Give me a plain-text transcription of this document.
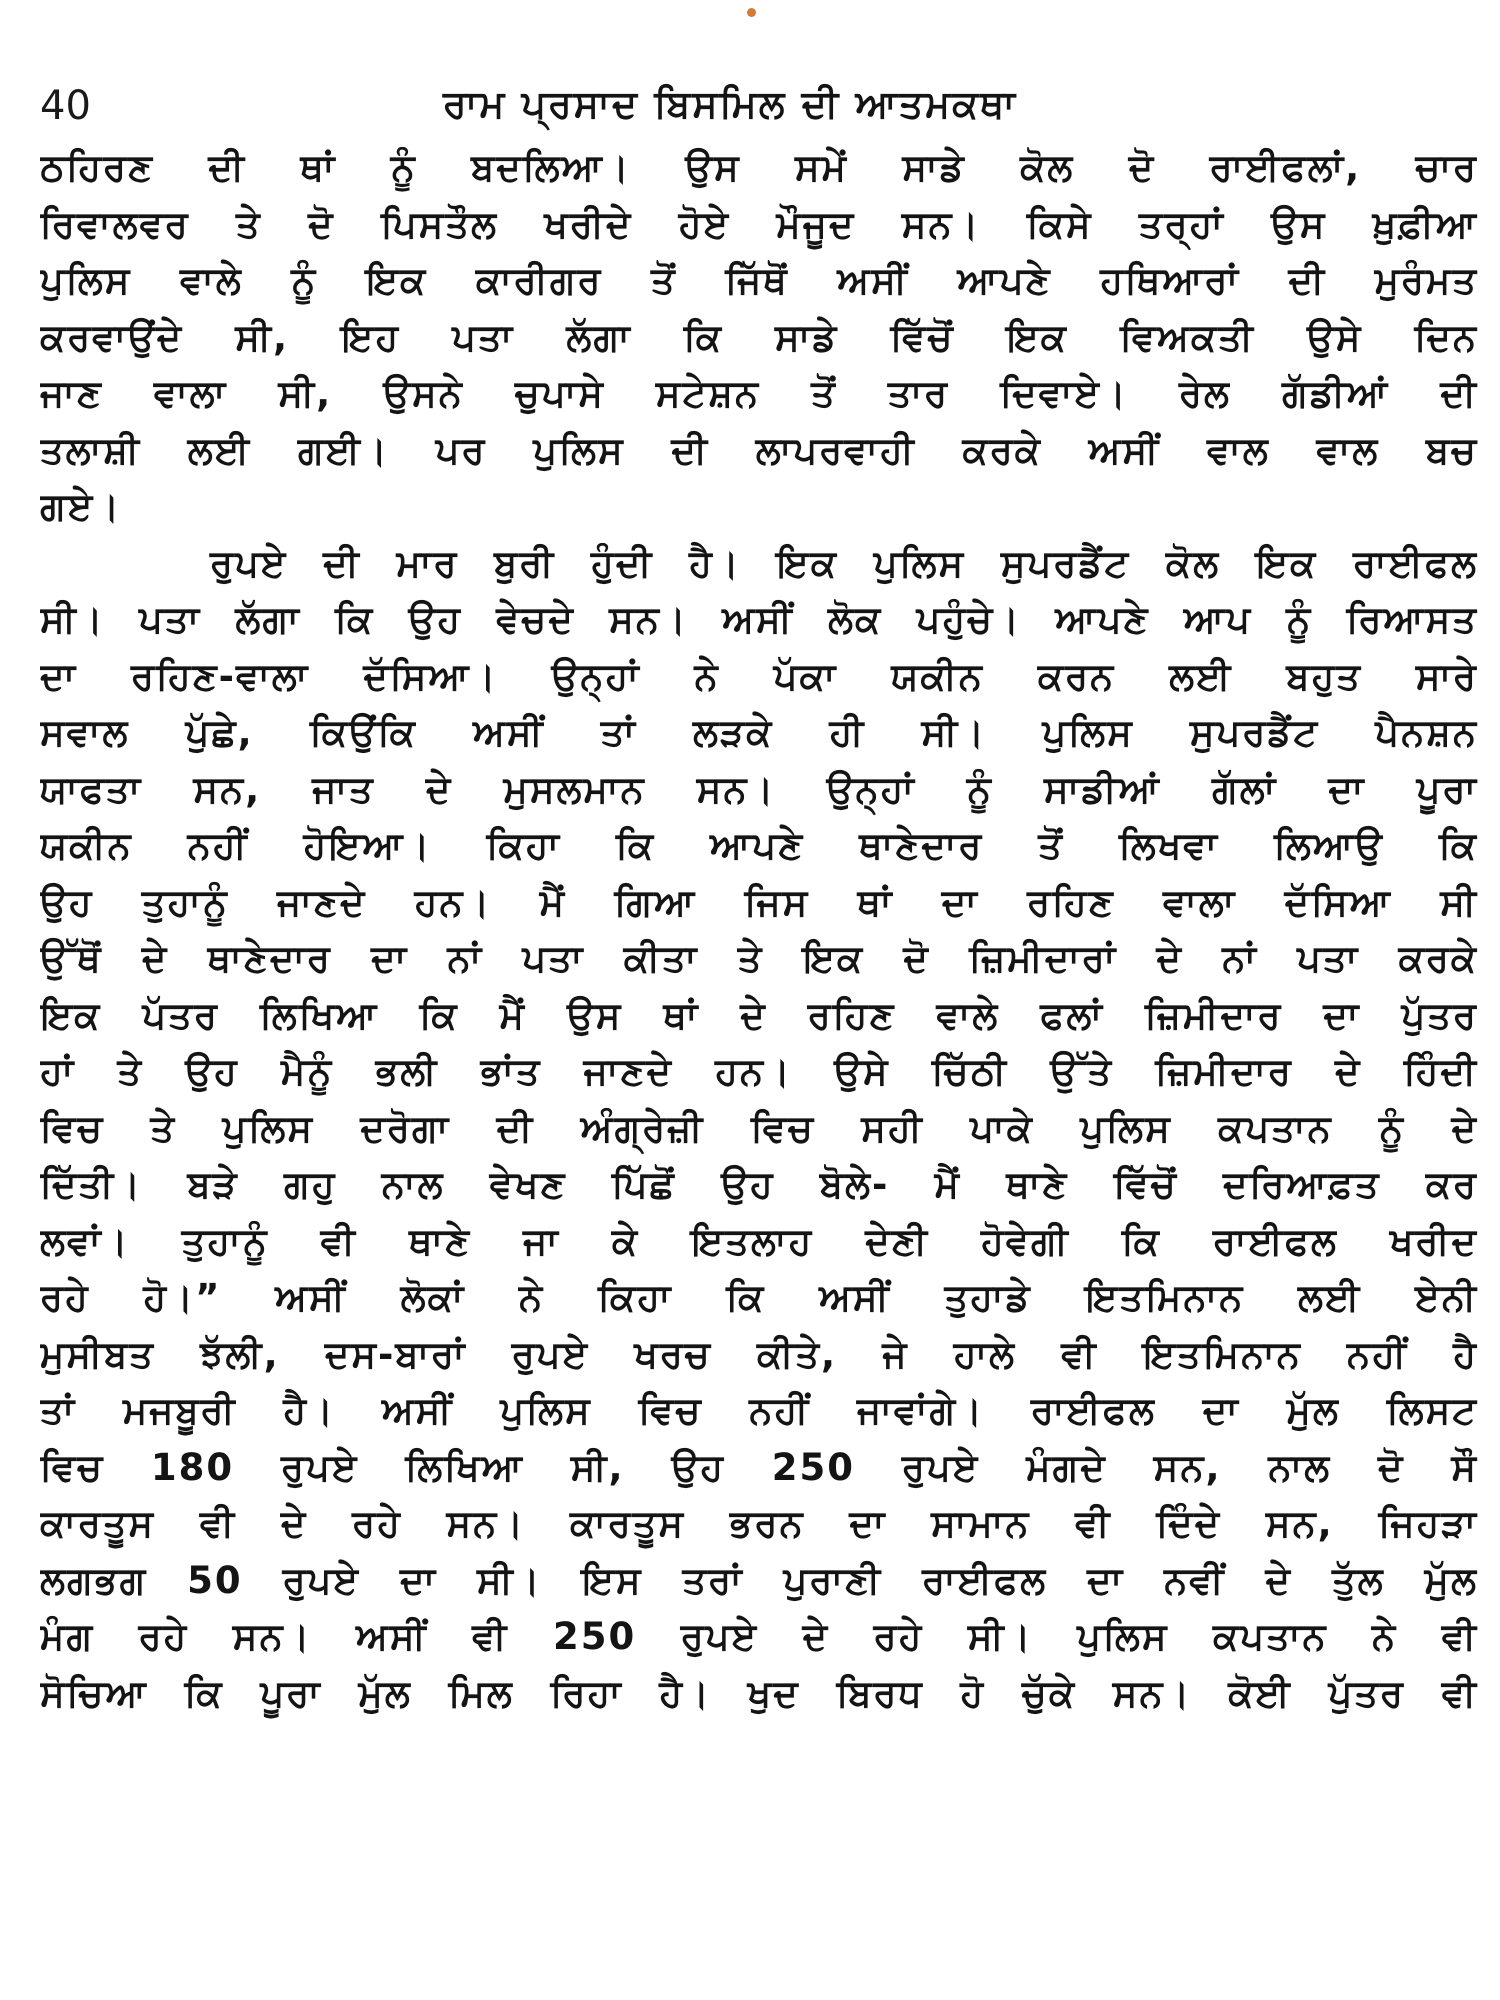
40	ਰਾਮ ਪ੍ਰਸਾਦ ਬਿਸਮਿਲ ਦੀ ਆਤਮਕਥਾ
ਠਹਿਰਣ ਦੀ ਥਾਂ ਨੂੰ ਬਦਲਿਆ। ਉਸ ਸਮੇਂ ਸਾਡੇ ਕੋਲ ਦੋ ਰਾਈਫਲਾਂ, ਚਾਰ
ਰਿਵਾਲਵਰ ਤੇ ਦੋ ਪਿਸਤੌਲ ਖਰੀਦੇ ਹੋਏ ਮੌਜੂਦ ਸਨ। ਕਿਸੇ ਤਰ੍ਹਾਂ ਉਸ ਖ਼ੁਫ਼ੀਆ
ਪੁਲਿਸ ਵਾਲੇ ਨੂੰ ਇਕ ਕਾਰੀਗਰ ਤੋਂ ਜਿੱਥੋਂ ਅਸੀਂ ਆਪਣੇ ਹਥਿਆਰਾਂ ਦੀ ਮੁਰੰਮਤ
ਕਰਵਾਉਂਦੇ ਸੀ, ਇਹ ਪਤਾ ਲੱਗਾ ਕਿ ਸਾਡੇ ਵਿੱਚੋਂ ਇਕ ਵਿਅਕਤੀ ਉਸੇ ਦਿਨ
ਜਾਣ ਵਾਲਾ ਸੀ, ਉਸਨੇ ਚੁਪਾਸੇ ਸਟੇਸ਼ਨ ਤੋਂ ਤਾਰ ਦਿਵਾਏ। ਰੇਲ ਗੱਡੀਆਂ ਦੀ
ਤਲਾਸ਼ੀ ਲਈ ਗਈ। ਪਰ ਪੁਲਿਸ ਦੀ ਲਾਪਰਵਾਹੀ ਕਰਕੇ ਅਸੀਂ ਵਾਲ ਵਾਲ ਬਚ
ਗਏ।
ਰੁਪਏ ਦੀ ਮਾਰ ਬੁਰੀ ਹੁੰਦੀ ਹੈ। ਇਕ ਪੁਲਿਸ ਸੁਪਰਡੈਂਟ ਕੋਲ ਇਕ ਰਾਈਫਲ
ਸੀ। ਪਤਾ ਲੱਗਾ ਕਿ ਉਹ ਵੇਚਦੇ ਸਨ। ਅਸੀਂ ਲੋਕ ਪਹੁੰਚੇ। ਆਪਣੇ ਆਪ ਨੂੰ ਰਿਆਸਤ
ਦਾ ਰਹਿਣ-ਵਾਲਾ ਦੱਸਿਆ। ਉਨ੍ਹਾਂ ਨੇ ਪੱਕਾ ਯਕੀਨ ਕਰਨ ਲਈ ਬਹੁਤ ਸਾਰੇ
ਸਵਾਲ ਪੁੱਛੇ, ਕਿਉਂਕਿ ਅਸੀਂ ਤਾਂ ਲੜਕੇ ਹੀ ਸੀ। ਪੁਲਿਸ ਸੁਪਰਡੈਂਟ ਪੈਨਸ਼ਨ
ਯਾਫਤਾ ਸਨ, ਜਾਤ ਦੇ ਮੁਸਲਮਾਨ ਸਨ। ਉਨ੍ਹਾਂ ਨੂੰ ਸਾਡੀਆਂ ਗੱਲਾਂ ਦਾ ਪੂਰਾ
ਯਕੀਨ ਨਹੀਂ ਹੋਇਆ। ਕਿਹਾ ਕਿ ਆਪਣੇ ਥਾਣੇਦਾਰ ਤੋਂ ਲਿਖਵਾ ਲਿਆਉ ਕਿ
ਉਹ ਤੁਹਾਨੂੰ ਜਾਣਦੇ ਹਨ। ਮੈਂ ਗਿਆ ਜਿਸ ਥਾਂ ਦਾ ਰਹਿਣ ਵਾਲਾ ਦੱਸਿਆ ਸੀ
ਉੱਥੋਂ ਦੇ ਥਾਣੇਦਾਰ ਦਾ ਨਾਂ ਪਤਾ ਕੀਤਾ ਤੇ ਇਕ ਦੋ ਜ਼ਿਮੀਦਾਰਾਂ ਦੇ ਨਾਂ ਪਤਾ ਕਰਕੇ
ਇਕ ਪੱਤਰ ਲਿਖਿਆ ਕਿ ਮੈਂ ਉਸ ਥਾਂ ਦੇ ਰਹਿਣ ਵਾਲੇ ਫਲਾਂ ਜ਼ਿਮੀਦਾਰ ਦਾ ਪੁੱਤਰ
ਹਾਂ ਤੇ ਉਹ ਮੈਨੂੰ ਭਲੀ ਭਾਂਤ ਜਾਣਦੇ ਹਨ। ਉਸੇ ਚਿੱਠੀ ਉੱਤੇ ਜ਼ਿਮੀਦਾਰ ਦੇ ਹਿੰਦੀ
ਵਿਚ ਤੇ ਪੁਲਿਸ ਦਰੋਗਾ ਦੀ ਅੰਗ੍ਰੇਜ਼ੀ ਵਿਚ ਸਹੀ ਪਾਕੇ ਪੁਲਿਸ ਕਪਤਾਨ ਨੂੰ ਦੇ
ਦਿੱਤੀ। ਬੜੇ ਗਹੁ ਨਾਲ ਵੇਖਣ ਪਿੱਛੋਂ ਉਹ ਬੋਲੇ- ਮੈਂ ਥਾਣੇ ਵਿੱਚੋਂ ਦਰਿਆਫ਼ਤ ਕਰ
ਲਵਾਂ। ਤੁਹਾਨੂੰ ਵੀ ਥਾਣੇ ਜਾ ਕੇ ਇਤਲਾਹ ਦੇਣੀ ਹੋਵੇਗੀ ਕਿ ਰਾਈਫਲ ਖਰੀਦ
ਰਹੇ ਹੋ।” ਅਸੀਂ ਲੋਕਾਂ ਨੇ ਕਿਹਾ ਕਿ ਅਸੀਂ ਤੁਹਾਡੇ ਇਤਮਿਨਾਨ ਲਈ ਏਨੀ
ਮੁਸੀਬਤ ਝੱਲੀ, ਦਸ-ਬਾਰਾਂ ਰੁਪਏ ਖਰਚ ਕੀਤੇ, ਜੇ ਹਾਲੇ ਵੀ ਇਤਮਿਨਾਨ ਨਹੀਂ ਹੈ
ਤਾਂ ਮਜਬੂਰੀ ਹੈ। ਅਸੀਂ ਪੁਲਿਸ ਵਿਚ ਨਹੀਂ ਜਾਵਾਂਗੇ। ਰਾਈਫਲ ਦਾ ਮੁੱਲ ਲਿਸਟ
ਵਿਚ 180 ਰੁਪਏ ਲਿਖਿਆ ਸੀ, ਉਹ 250 ਰੁਪਏ ਮੰਗਦੇ ਸਨ, ਨਾਲ ਦੋ ਸੌ
ਕਾਰਤੂਸ ਵੀ ਦੇ ਰਹੇ ਸਨ। ਕਾਰਤੂਸ ਭਰਨ ਦਾ ਸਾਮਾਨ ਵੀ ਦਿੰਦੇ ਸਨ, ਜਿਹੜਾ
ਲਗਭਗ 50 ਰੁਪਏ ਦਾ ਸੀ। ਇਸ ਤਰਾਂ ਪੁਰਾਣੀ ਰਾਈਫਲ ਦਾ ਨਵੀਂ ਦੇ ਤੁੱਲ ਮੁੱਲ
ਮੰਗ ਰਹੇ ਸਨ। ਅਸੀਂ ਵੀ 250 ਰੁਪਏ ਦੇ ਰਹੇ ਸੀ। ਪੁਲਿਸ ਕਪਤਾਨ ਨੇ ਵੀ
ਸੋਚਿਆ ਕਿ ਪੂਰਾ ਮੁੱਲ ਮਿਲ ਰਿਹਾ ਹੈ। ਖੁਦ ਬਿਰਧ ਹੋ ਚੁੱਕੇ ਸਨ। ਕੋਈ ਪੁੱਤਰ ਵੀ
